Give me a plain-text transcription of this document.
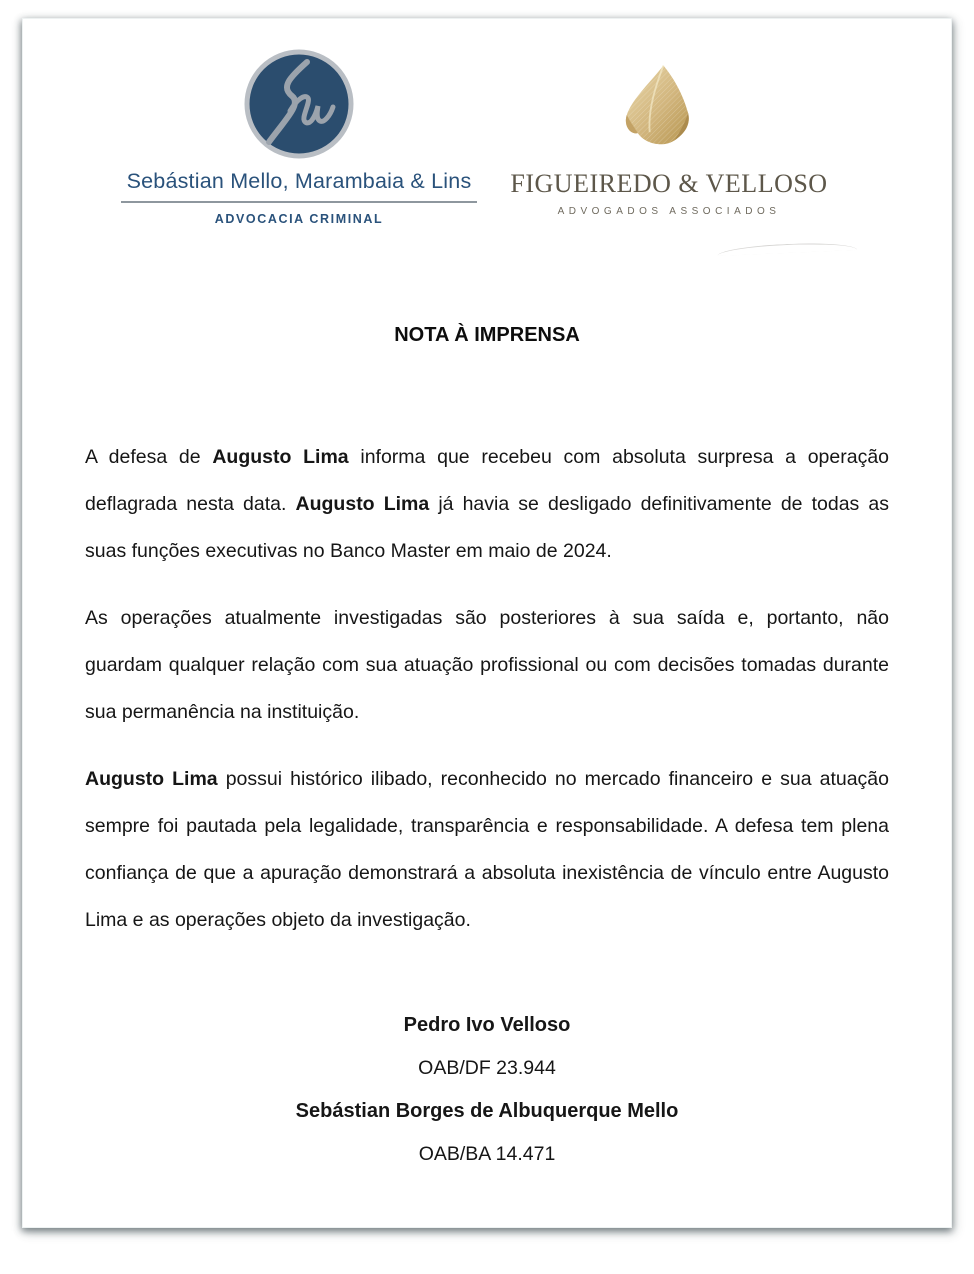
Sebástian Mello, Marambaia & Lins
ADVOCACIA CRIMINAL
FIGUEIREDO & VELLOSO
ADVOGADOS ASSOCIADOS
NOTA À IMPRENSA

A defesa de Augusto Lima informa que recebeu com absoluta surpresa a operação deflagrada nesta data. Augusto Lima já havia se desligado definitivamente de todas as suas funções executivas no Banco Master em maio de 2024.

As operações atualmente investigadas são posteriores à sua saída e, portanto, não guardam qualquer relação com sua atuação profissional ou com decisões tomadas durante sua permanência na instituição.

Augusto Lima possui histórico ilibado, reconhecido no mercado financeiro e sua atuação sempre foi pautada pela legalidade, transparência e responsabilidade. A defesa tem plena confiança de que a apuração demonstrará a absoluta inexistência de vínculo entre Augusto Lima e as operações objeto da investigação.

Pedro Ivo Velloso

OAB/DF 23.944

Sebástian Borges de Albuquerque Mello

OAB/BA 14.471
